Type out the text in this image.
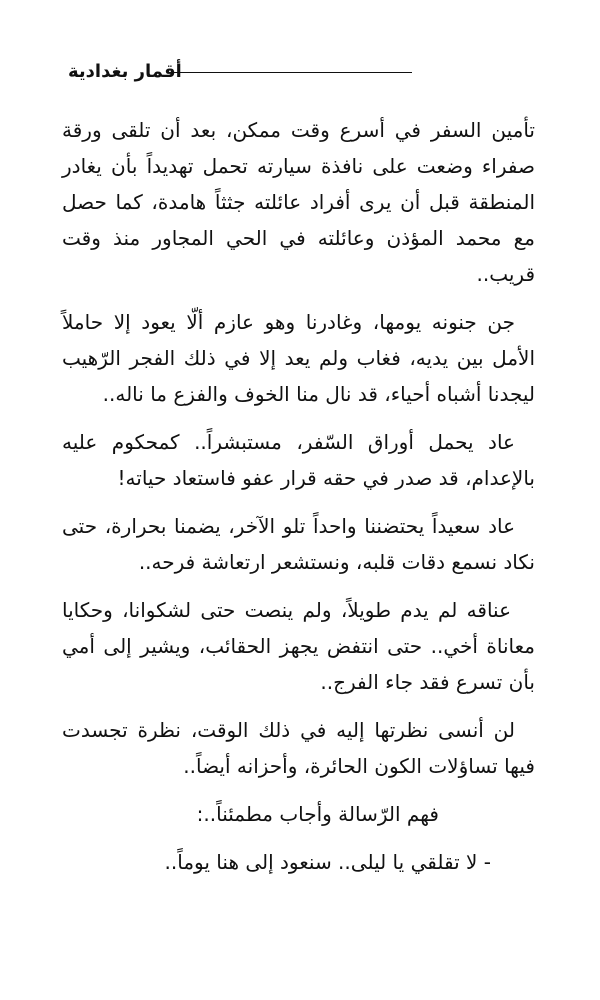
أقمار بغدادية

تأمين السفر في أسرع وقت ممكن، بعد أن تلقى ورقة صفراء وضعت على نافذة سيارته تحمل تهديداً بأن يغادر المنطقة قبل أن يرى أفراد عائلته جثثاً هامدة، كما حصل مع محمد المؤذن وعائلته في الحي المجاور منذ وقت قريب..

جن جنونه يومها، وغادرنا وهو عازم ألّا يعود إلا حاملاً الأمل بين يديه، فغاب ولم يعد إلا في ذلك الفجر الرّهيب ليجدنا أشباه أحياء، قد نال منا الخوف والفزع ما ناله..

عاد يحمل أوراق السّفر، مستبشراً.. كمحكوم عليه بالإعدام، قد صدر في حقه قرار عفو فاستعاد حياته!

عاد سعيداً يحتضننا واحداً تلو الآخر، يضمنا بحرارة، حتى نكاد نسمع دقات قلبه، ونستشعر ارتعاشة فرحه..

عناقه لم يدم طويلاً، ولم ينصت حتى لشكوانا، وحكايا معاناة أخي.. حتى انتفض يجهز الحقائب، ويشير إلى أمي بأن تسرع فقد جاء الفرج..

لن أنسى نظرتها إليه في ذلك الوقت، نظرة تجسدت فيها تساؤلات الكون الحائرة، وأحزانه أيضاً..

فهم الرّسالة وأجاب مطمئناً..:

- لا تقلقي يا ليلى.. سنعود إلى هنا يوماً..
